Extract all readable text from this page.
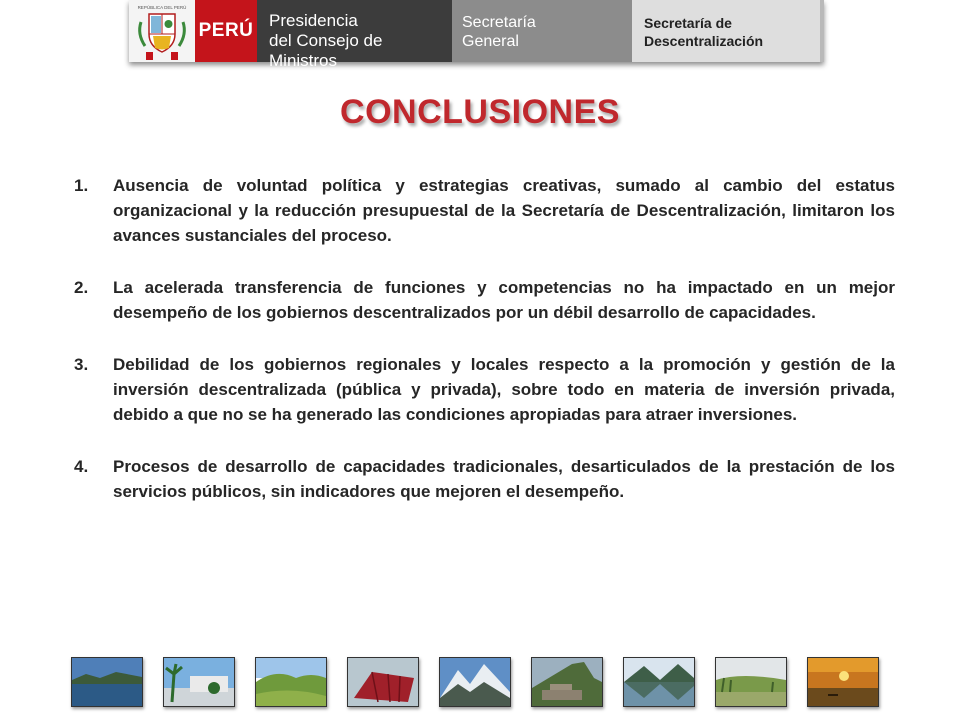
REPÚBLICA DEL PERÚ
PERÚ Presidencia
del Consejo de Ministros
Secretaría
General
Secretaría de
Descentralización
CONCLUSIONES
1. Ausencia de voluntad política y estrategias creativas, sumado al cambio del estatus organizacional y la reducción presupuestal de la Secretaría de Descentralización, limitaron los avances sustanciales del proceso.
2. La acelerada transferencia de funciones y competencias no ha impactado en un mejor desempeño de los gobiernos descentralizados por un débil desarrollo de capacidades.
3. Debilidad de los gobiernos regionales y locales respecto a la promoción y gestión de la inversión descentralizada (pública y privada), sobre todo en materia de inversión privada, debido a que no se ha generado las condiciones apropiadas para atraer inversiones.
4. Procesos de desarrollo de capacidades tradicionales, desarticulados de la prestación de los servicios públicos, sin indicadores que mejoren el desempeño.
